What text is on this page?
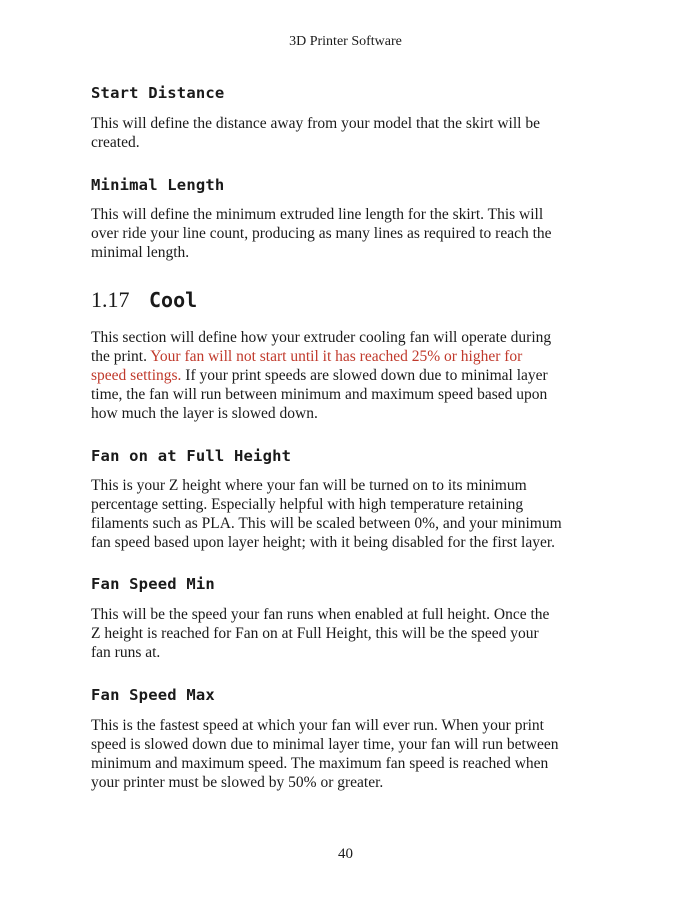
3D Printer Software
Start Distance
This will define the distance away from your model that the skirt will be
created.
Minimal Length
This will define the minimum extruded line length for the skirt. This will
over ride your line count, producing as many lines as required to reach the
minimal length.
1.17 Cool
This section will define how your extruder cooling fan will operate during
the print. Your fan will not start until it has reached 25% or higher for
speed settings. If your print speeds are slowed down due to minimal layer
time, the fan will run between minimum and maximum speed based upon
how much the layer is slowed down.
Fan on at Full Height
This is your Z height where your fan will be turned on to its minimum
percentage setting. Especially helpful with high temperature retaining
filaments such as PLA. This will be scaled between 0%, and your minimum
fan speed based upon layer height; with it being disabled for the first layer.
Fan Speed Min
This will be the speed your fan runs when enabled at full height. Once the
Z height is reached for Fan on at Full Height, this will be the speed your
fan runs at.
Fan Speed Max
This is the fastest speed at which your fan will ever run. When your print
speed is slowed down due to minimal layer time, your fan will run between
minimum and maximum speed. The maximum fan speed is reached when
your printer must be slowed by 50% or greater.
40
